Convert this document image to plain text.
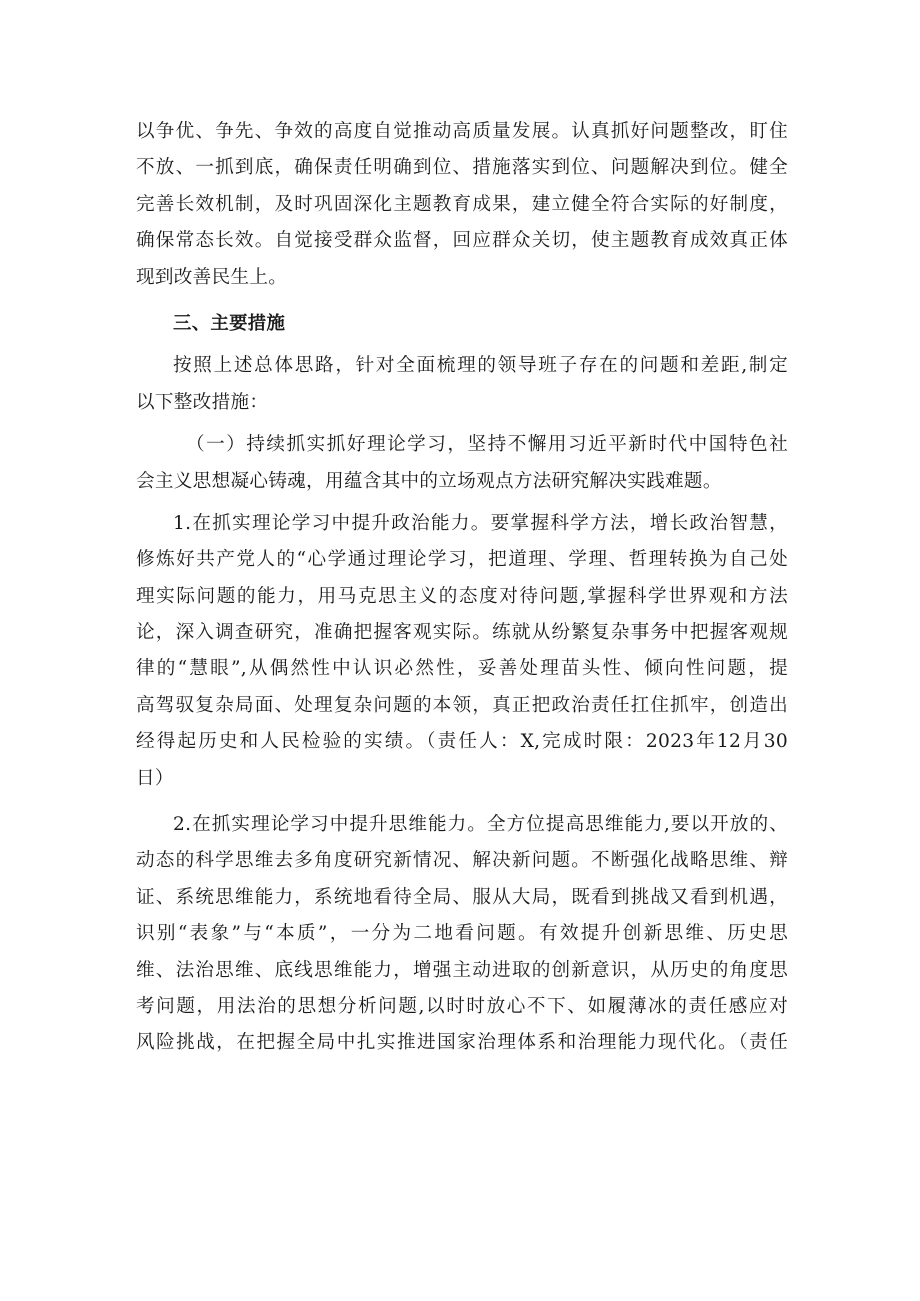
以争优、争先、争效的高度自觉推动高质量发展。认真抓好问题整改，盯住
不放、一抓到底，确保责任明确到位、措施落实到位、问题解决到位。健全
完善长效机制，及时巩固深化主题教育成果，建立健全符合实际的好制度，
确保常态长效。自觉接受群众监督，回应群众关切，使主题教育成效真正体
现到改善民生上。
三、主要措施
按照上述总体思路，针对全面梳理的领导班子存在的问题和差距,制定
以下整改措施：
（一）持续抓实抓好理论学习，坚持不懈用习近平新时代中国特色社
会主义思想凝心铸魂，用蕴含其中的立场观点方法研究解决实践难题。
1.在抓实理论学习中提升政治能力。要掌握科学方法，增长政治智慧，
修炼好共产党人的“心学通过理论学习，把道理、学理、哲理转换为自己处
理实际问题的能力，用马克思主义的态度对待问题,掌握科学世界观和方法
论，深入调查研究，准确把握客观实际。练就从纷繁复杂事务中把握客观规
律的“慧眼”,从偶然性中认识必然性，妥善处理苗头性、倾向性问题，提
高驾驭复杂局面、处理复杂问题的本领，真正把政治责任扛住抓牢，创造出
经得起历史和人民检验的实绩。（责任人：X,完成时限：2023年12月30
日）
2.在抓实理论学习中提升思维能力。全方位提高思维能力,要以开放的、
动态的科学思维去多角度研究新情况、解决新问题。不断强化战略思维、辩
证、系统思维能力，系统地看待全局、服从大局，既看到挑战又看到机遇，
识别“表象”与“本质”，一分为二地看问题。有效提升创新思维、历史思
维、法治思维、底线思维能力，增强主动进取的创新意识，从历史的角度思
考问题，用法治的思想分析问题,以时时放心不下、如履薄冰的责任感应对
风险挑战，在把握全局中扎实推进国家治理体系和治理能力现代化。（责任
